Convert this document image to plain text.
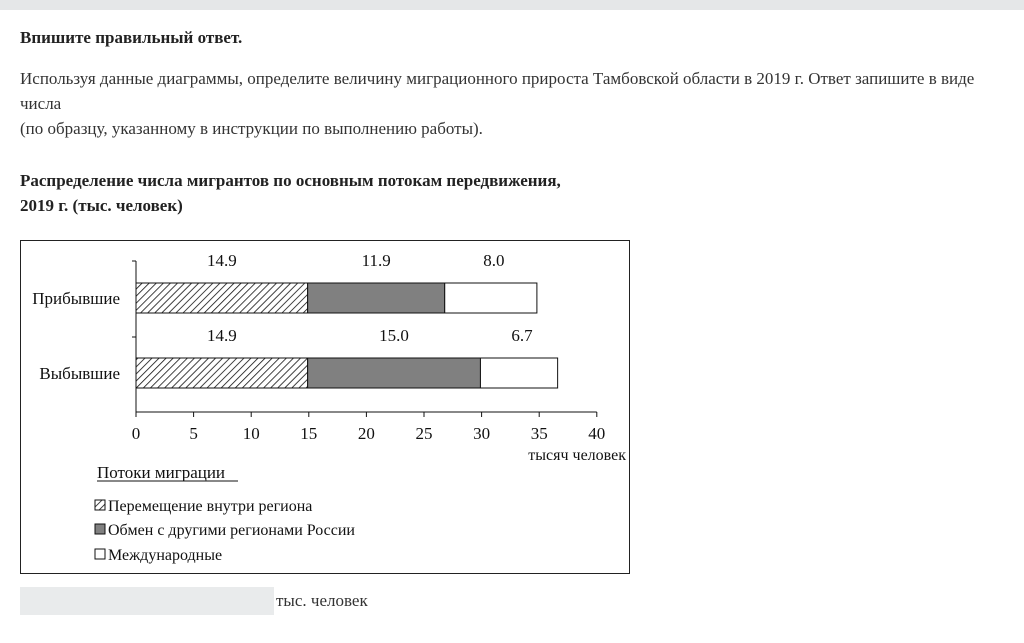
Впишите правильный ответ.
Используя данные диаграммы, определите величину миграционного прироста Тамбовской области в 2019 г. Ответ запишите в виде числа
(по образцу, указанному в инструкции по выполнению работы).
Распределение числа мигрантов по основным потокам передвижения,
2019 г. (тыс. человек)
0	5	10 15 20 25 30 35 40
тысяч человек
Прибывшие
14.9	11.9	8.0
Выбывшие
14.9	15.0	6.7
Потоки миграции
Перемещение внутри региона
Обмен с другими регионами России
Международные
тыс. человек
